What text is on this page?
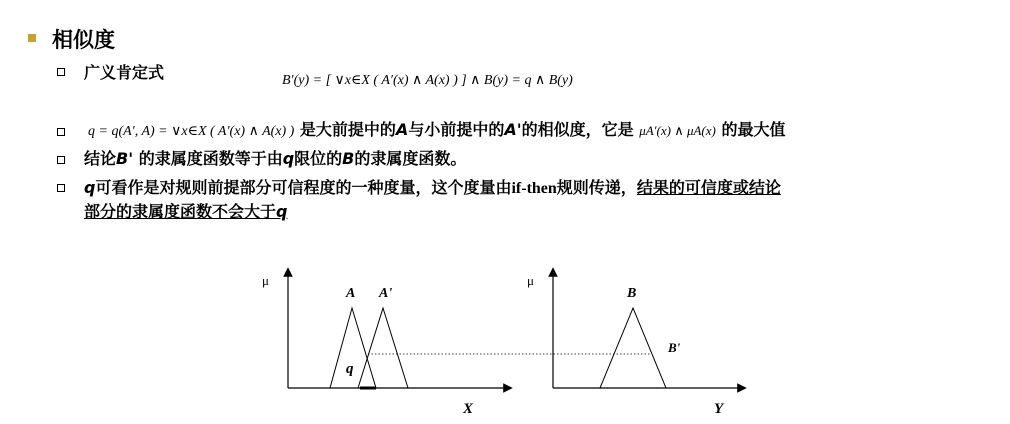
相似度
广义肯定式	B′(y) = [ ∨x∈X ( A′(x) ∧ A(x) ) ] ∧ B(y) = q ∧ B(y)
q = q(A′, A) = ∨x∈X ( A′(x) ∧ A(x) ) 是大前提中的A与小前提中的A'的相似度，它是 μA′(x) ∧ μA(x) 的最大值
结论B' 的隶属度函数等于由q限位的B的隶属度函数。
q可看作是对规则前提部分可信程度的一种度量，这个度量由if-then规则传递，结果的可信度或结论
部分的隶属度函数不会大于q
μ
X
A A'
q
μ
Y
B
B'
